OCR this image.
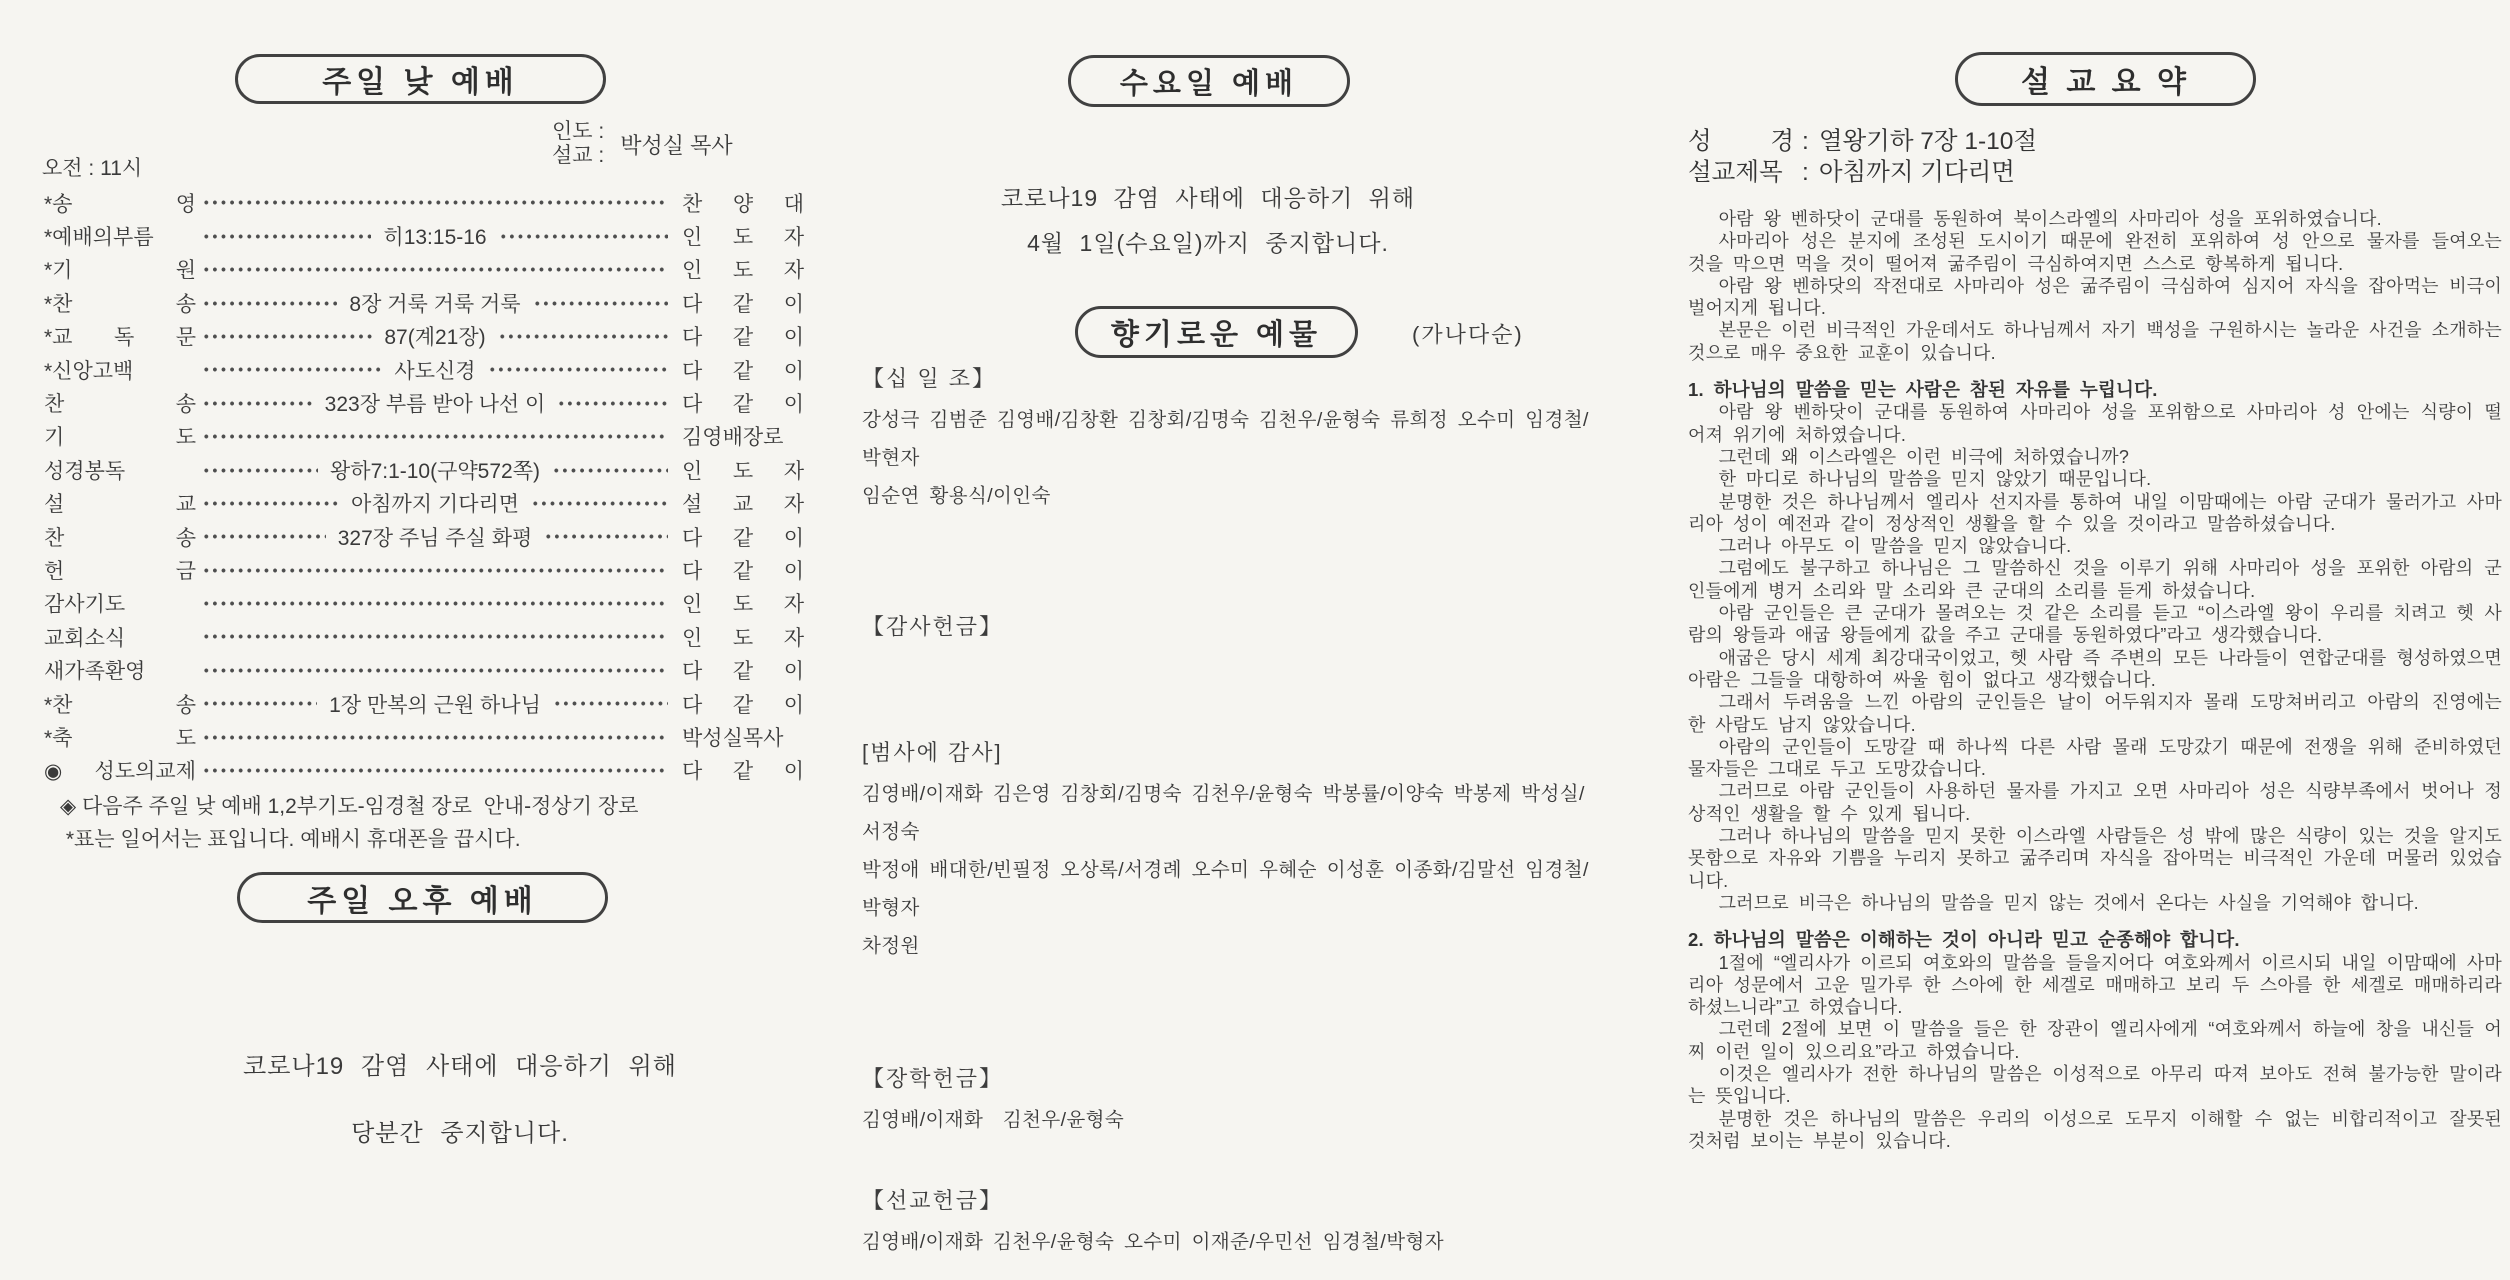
주일 낮 예배
인도 :
설교 : 박성실 목사
오전 : 11시
*송 영	찬 양 대
*예배의부름	히13:15-16	인 도 자
*기 원	인 도 자
*찬 송	8장 거룩 거룩 거룩	다 같 이
*교 독 문	87(계21장)	다 같 이
*신앙고백	사도신경	다 같 이
찬 송	323장 부름 받아 나선 이	다 같 이
기 도	김영배장로
성경봉독	왕하7:1-10(구약572쪽)	인 도 자
설 교	아침까지 기다리면	설 교 자
찬 송	327장 주님 주실 화평	다 같 이
헌 금	다 같 이
감사기도	인 도 자
교회소식	인 도 자
새가족환영	다 같 이
*찬 송	1장 만복의 근원 하나님	다 같 이
*축 도	박성실목사
◉성도의교제	다 같 이
◈ 다음주 주일 낮 예배 1,2부기도-임경철 장로  안내-정상기 장로
*표는 일어서는 표입니다. 예배시 휴대폰을 끕시다.
주일 오후 예배
코로나19 감염 사태에 대응하기 위해
당분간 중지합니다.
수요일 예배
코로나19 감염 사태에 대응하기 위해
4월 1일(수요일)까지 중지합니다.
향기로운 예물	(가나다순)
【십 일 조】
강성극 김범준 김영배/김창환 김창회/김명숙 김천우/윤형숙 류희정 오수미 임경철/박현자
임순연 황용식/이인숙
【감사헌금】
[범사에 감사]
김영배/이재화 김은영 김창회/김명숙 김천우/윤형숙 박봉률/이양숙 박봉제 박성실/서정숙
박정애 배대한/빈필정 오상록/서경례 오수미 우혜순 이성훈 이종화/김말선 임경철/박형자
차정원
【장학헌금】
김영배/이재화  김천우/윤형숙
【선교헌금】
김영배/이재화 김천우/윤형숙 오수미 이재준/우민선 임경철/박형자
설 교 요 약
성 경 : 열왕기하 7장 1-10절
설교제목 : 아침까지 기다리면

아람 왕 벤하닷이 군대를 동원하여 북이스라엘의 사마리아 성을 포위하였습니다.

사마리아 성은 분지에 조성된 도시이기 때문에 완전히 포위하여 성 안으로 물자를 들여오는 것을 막으면 먹을 것이 떨어져 굶주림이 극심하여지면 스스로 항복하게 됩니다.

아람 왕 벤하닷의 작전대로 사마리아 성은 굶주림이 극심하여 심지어 자식을 잡아먹는 비극이 벌어지게 됩니다.

본문은 이런 비극적인 가운데서도 하나님께서 자기 백성을 구원하시는 놀라운 사건을 소개하는 것으로 매우 중요한 교훈이 있습니다.

1. 하나님의 말씀을 믿는 사람은 참된 자유를 누립니다.

아람 왕 벤하닷이 군대를 동원하여 사마리아 성을 포위함으로 사마리아 성 안에는 식량이 떨어져 위기에 처하였습니다.

그런데 왜 이스라엘은 이런 비극에 처하였습니까?

한 마디로 하나님의 말씀을 믿지 않았기 때문입니다.

분명한 것은 하나님께서 엘리사 선지자를 통하여 내일 이맘때에는 아람 군대가 물러가고 사마리아 성이 예전과 같이 정상적인 생활을 할 수 있을 것이라고 말씀하셨습니다.

그러나 아무도 이 말씀을 믿지 않았습니다.

그럼에도 불구하고 하나님은 그 말씀하신 것을 이루기 위해 사마리아 성을 포위한 아람의 군인들에게 병거 소리와 말 소리와 큰 군대의 소리를 듣게 하셨습니다.

아람 군인들은 큰 군대가 몰려오는 것 같은 소리를 듣고 “이스라엘 왕이 우리를 치려고 헷 사람의 왕들과 애굽 왕들에게 값을 주고 군대를 동원하였다”라고 생각했습니다.

애굽은 당시 세계 최강대국이었고, 헷 사람 즉 주변의 모든 나라들이 연합군대를 형성하였으면 아람은 그들을 대항하여 싸울 힘이 없다고 생각했습니다.

그래서 두려움을 느낀 아람의 군인들은 날이 어두워지자 몰래 도망쳐버리고 아람의 진영에는 한 사람도 남지 않았습니다.

아람의 군인들이 도망갈 때 하나씩 다른 사람 몰래 도망갔기 때문에 전쟁을 위해 준비하였던 물자들은 그대로 두고 도망갔습니다.

그러므로 아람 군인들이 사용하던 물자를 가지고 오면 사마리아 성은 식량부족에서 벗어나 정상적인 생활을 할 수 있게 됩니다.

그러나 하나님의 말씀을 믿지 못한 이스라엘 사람들은 성 밖에 많은 식량이 있는 것을 알지도 못함으로 자유와 기쁨을 누리지 못하고 굶주리며 자식을 잡아먹는 비극적인 가운데 머물러 있었습니다.

그러므로 비극은 하나님의 말씀을 믿지 않는 것에서 온다는 사실을 기억해야 합니다.

2. 하나님의 말씀은 이해하는 것이 아니라 믿고 순종해야 합니다.

1절에 “엘리사가 이르되 여호와의 말씀을 들을지어다 여호와께서 이르시되 내일 이맘때에 사마리아 성문에서 고운 밀가루 한 스아에 한 세겔로 매매하고 보리 두 스아를 한 세겔로 매매하리라 하셨느니라”고 하였습니다.

그런데 2절에 보면 이 말씀을 들은 한 장관이 엘리사에게 “여호와께서 하늘에 창을 내신들 어찌 이런 일이 있으리요”라고 하였습니다.

이것은 엘리사가 전한 하나님의 말씀은 이성적으로 아무리 따져 보아도 전혀 불가능한 말이라는 뜻입니다.

분명한 것은 하나님의 말씀은 우리의 이성으로 도무지 이해할 수 없는 비합리적이고 잘못된 것처럼 보이는 부분이 있습니다.
